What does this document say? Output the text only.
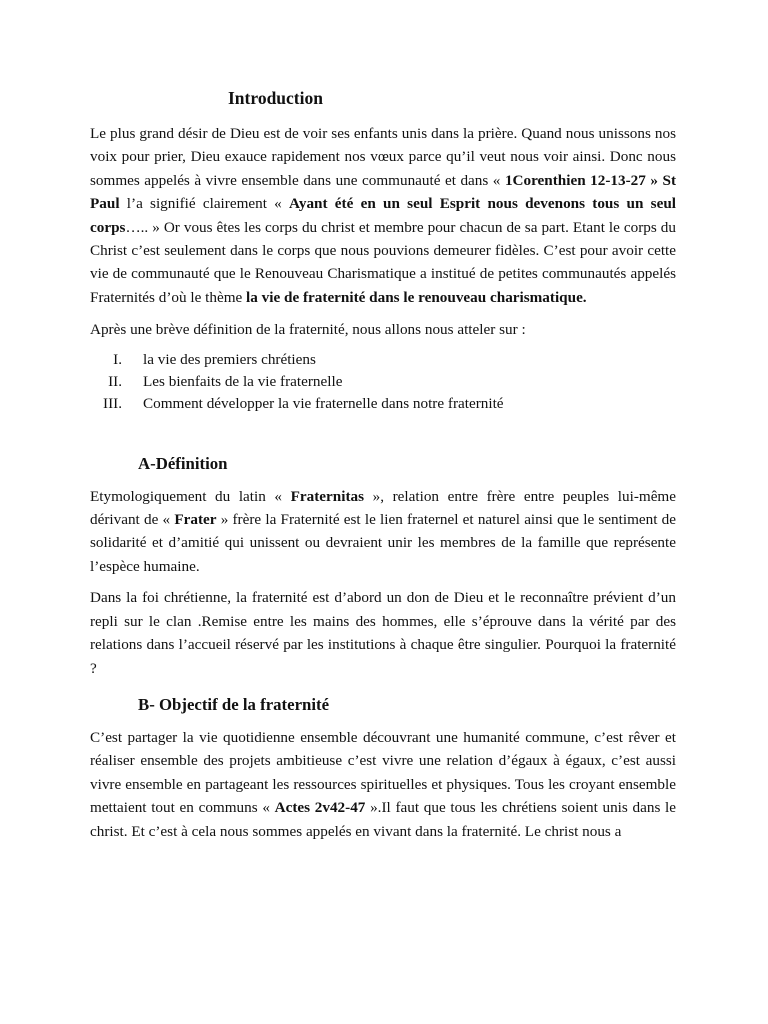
Introduction

Le plus grand désir de Dieu est de voir ses enfants unis dans la prière. Quand nous unissons nos voix pour prier, Dieu exauce rapidement nos vœux parce qu’il veut nous voir ainsi. Donc nous sommes appelés à vivre ensemble dans une communauté et dans « 1Corenthien 12-13-27 » St Paul l’a signifié clairement « Ayant été en un seul Esprit nous devenons tous un seul corps….. » Or vous êtes les corps du christ et membre pour chacun de sa part. Etant le corps du Christ c’est seulement dans le corps que nous pouvions demeurer fidèles. C’est pour avoir cette vie de communauté que le Renouveau Charismatique a institué de petites communautés appelés Fraternités d’où le thème la vie de fraternité dans le renouveau charismatique.

Après une brève définition de la fraternité, nous allons nous atteler sur :

I.	la vie des premiers chrétiens
II.	Les bienfaits de la vie fraternelle
III.	Comment développer la vie fraternelle dans notre fraternité
A-Définition

Etymologiquement du latin « Fraternitas », relation entre frère entre peuples lui-même dérivant de « Frater » frère la Fraternité est le lien fraternel et naturel ainsi que le sentiment de solidarité et d’amitié qui unissent ou devraient unir les membres de la famille que représente l’espèce humaine.

Dans la foi chrétienne, la fraternité est d’abord un don de Dieu et le reconnaître prévient d’un repli sur le clan .Remise entre les mains des hommes, elle s’éprouve dans la vérité par des relations dans l’accueil réservé par les institutions à chaque être singulier. Pourquoi la fraternité ?

B- Objectif de la fraternité

C’est partager la vie quotidienne ensemble découvrant une humanité commune, c’est rêver et réaliser ensemble des projets ambitieuse c’est vivre une relation d’égaux à égaux, c’est aussi vivre ensemble en partageant les ressources spirituelles et physiques. Tous les croyant ensemble mettaient tout en communs « Actes 2v42-47 ».Il faut que tous les chrétiens soient unis dans le christ. Et c’est à cela nous sommes appelés en vivant dans la fraternité. Le christ nous a
